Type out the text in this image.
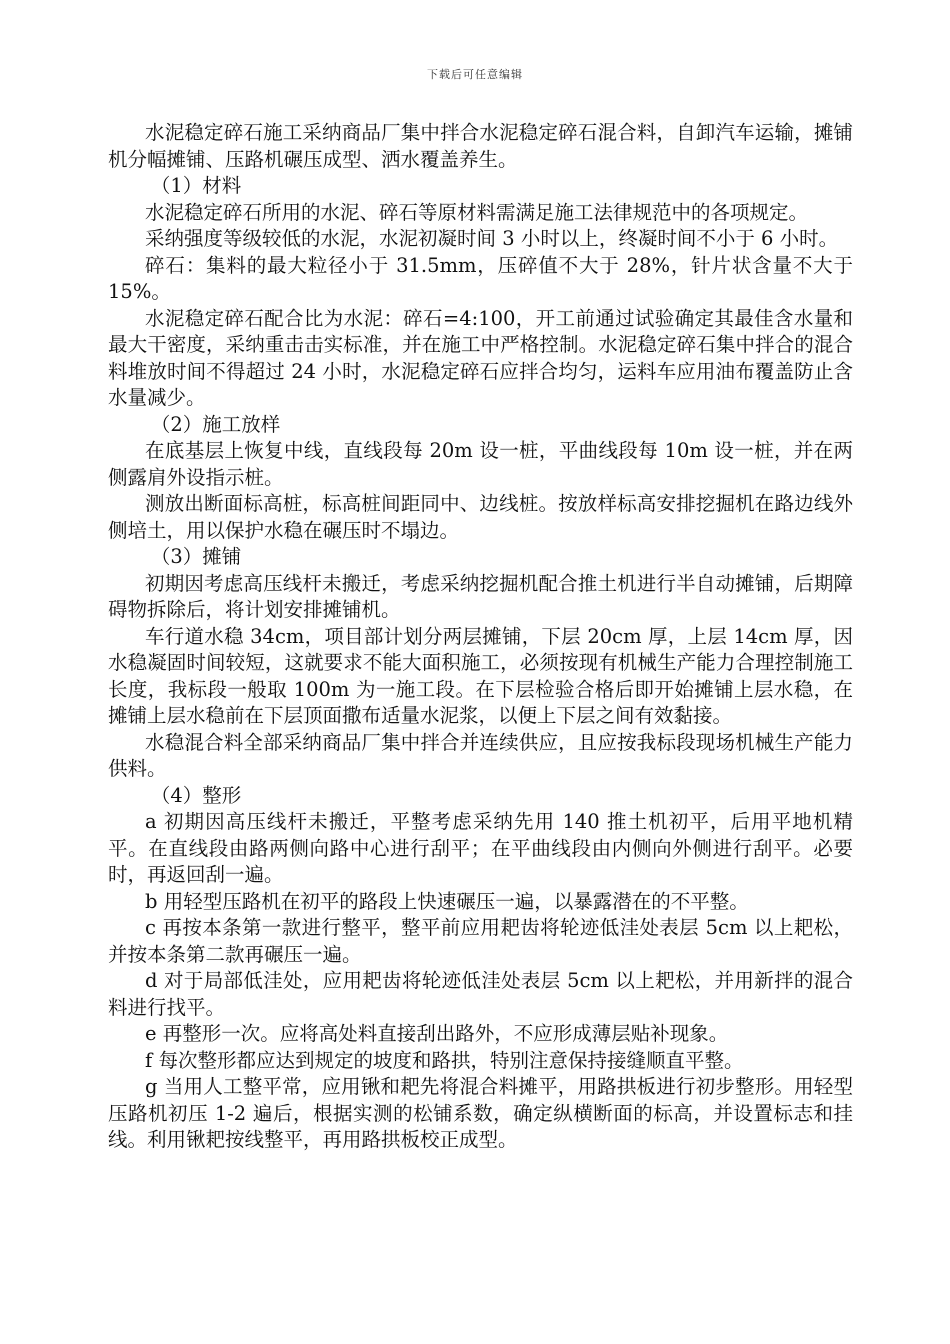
下载后可任意编辑

水泥稳定碎石施工采纳商品厂集中拌合水泥稳定碎石混合料，自卸汽车运输，摊铺机分幅摊铺、压路机碾压成型、洒水覆盖养生。

（1）材料

水泥稳定碎石所用的水泥、碎石等原材料需满足施工法律规范中的各项规定。

采纳强度等级较低的水泥，水泥初凝时间 3 小时以上，终凝时间不小于 6 小时。

碎石：集料的最大粒径小于 31.5mm，压碎值不大于 28%，针片状含量不大于 15%。

水泥稳定碎石配合比为水泥：碎石=4:100，开工前通过试验确定其最佳含水量和最大干密度，采纳重击击实标准，并在施工中严格控制。水泥稳定碎石集中拌合的混合料堆放时间不得超过 24 小时，水泥稳定碎石应拌合均匀，运料车应用油布覆盖防止含水量减少。

（2）施工放样

在底基层上恢复中线，直线段每 20m 设一桩，平曲线段每 10m 设一桩，并在两侧露肩外设指示桩。

测放出断面标高桩，标高桩间距同中、边线桩。按放样标高安排挖掘机在路边线外侧培土，用以保护水稳在碾压时不塌边。

（3）摊铺

初期因考虑高压线杆未搬迁，考虑采纳挖掘机配合推土机进行半自动摊铺，后期障碍物拆除后，将计划安排摊铺机。

车行道水稳 34cm，项目部计划分两层摊铺，下层 20cm 厚，上层 14cm 厚，因水稳凝固时间较短，这就要求不能大面积施工，必须按现有机械生产能力合理控制施工长度，我标段一般取 100m 为一施工段。在下层检验合格后即开始摊铺上层水稳，在摊铺上层水稳前在下层顶面撒布适量水泥浆，以便上下层之间有效黏接。

水稳混合料全部采纳商品厂集中拌合并连续供应，且应按我标段现场机械生产能力供料。

（4）整形

a 初期因高压线杆未搬迁，平整考虑采纳先用 140 推土机初平，后用平地机精平。在直线段由路两侧向路中心进行刮平；在平曲线段由内侧向外侧进行刮平。必要时，再返回刮一遍。

b 用轻型压路机在初平的路段上快速碾压一遍，以暴露潜在的不平整。

c 再按本条第一款进行整平，整平前应用耙齿将轮迹低洼处表层 5cm 以上耙松，并按本条第二款再碾压一遍。

d 对于局部低洼处，应用耙齿将轮迹低洼处表层 5cm 以上耙松，并用新拌的混合料进行找平。

e 再整形一次。应将高处料直接刮出路外，不应形成薄层贴补现象。

f 每次整形都应达到规定的坡度和路拱，特别注意保持接缝顺直平整。

g 当用人工整平常，应用锹和耙先将混合料摊平，用路拱板进行初步整形。用轻型压路机初压 1-2 遍后，根据实测的松铺系数，确定纵横断面的标高，并设置标志和挂线。利用锹耙按线整平，再用路拱板校正成型。
